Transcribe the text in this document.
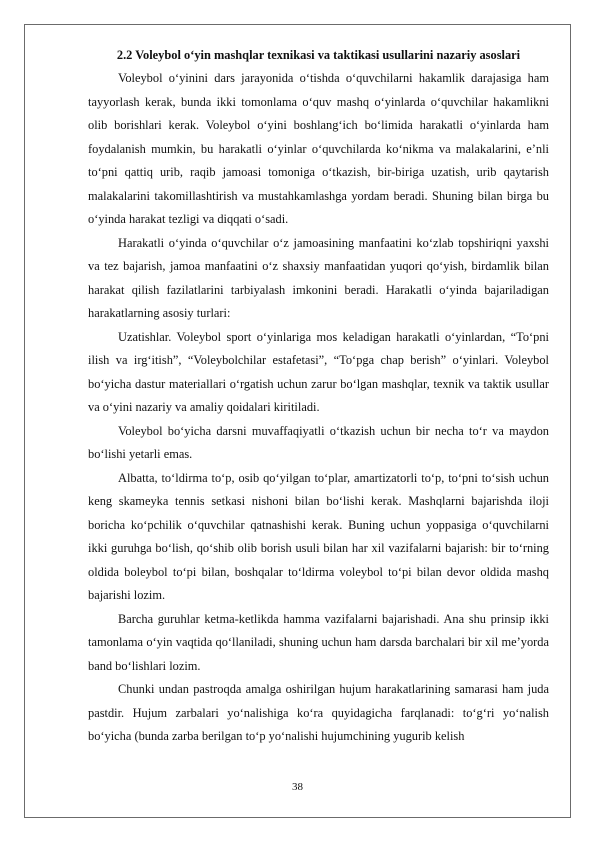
2.2 Voleybol o‘yin mashqlar texnikasi va taktikasi usullarini nazariy asoslari

Voleybol o‘yinini dars jarayonida o‘tishda o‘quvchilarni hakamlik darajasiga ham tayyorlash kerak, bunda ikki tomonlama o‘quv mashq o‘yinlarda o‘quvchilar hakamlikni olib borishlari kerak. Voleybol o‘yini boshlang‘ich bo‘limida harakatli o‘yinlarda ham foydalanish mumkin, bu harakatli o‘yinlar o‘quvchilarda ko‘nikma va malakalarini, e’nli to‘pni qattiq urib, raqib jamoasi tomoniga o‘tkazish, bir-biriga uzatish, urib qaytarish malakalarini takomillashtirish va mustahkamlashga yordam beradi. Shuning bilan birga bu o‘yinda harakat tezligi va diqqati o‘sadi.

Harakatli o‘yinda o‘quvchilar o‘z jamoasining manfaatini ko‘zlab topshiriqni yaxshi va tez bajarish, jamoa manfaatini o‘z shaxsiy manfaatidan yuqori qo‘yish, birdamlik bilan harakat qilish fazilatlarini tarbiyalash imkonini beradi. Harakatli o‘yinda bajariladigan harakatlarning asosiy turlari:

Uzatishlar. Voleybol sport o‘yinlariga mos keladigan harakatli o‘yinlardan, “To‘pni ilish va irg‘itish”, “Voleybolchilar estafetasi”, “To‘pga chap berish” o‘yinlari. Voleybol bo‘yicha dastur materiallari o‘rgatish uchun zarur bo‘lgan mashqlar, texnik va taktik usullar va o‘yini nazariy va amaliy qoidalari kiritiladi.

Voleybol bo‘yicha darsni muvaffaqiyatli o‘tkazish uchun bir necha to‘r va maydon bo‘lishi yetarli emas.

Albatta, to‘ldirma to‘p, osib qo‘yilgan to‘plar, amartizatorli to‘p, to‘pni to‘sish uchun keng skameyka tennis setkasi nishoni bilan bo‘lishi kerak. Mashqlarni bajarishda iloji boricha ko‘pchilik o‘quvchilar qatnashishi kerak. Buning uchun yoppasiga o‘quvchilarni ikki guruhga bo‘lish, qo‘shib olib borish usuli bilan har xil vazifalarni bajarish: bir to‘rning oldida boleybol to‘pi bilan, boshqalar to‘ldirma voleybol to‘pi bilan devor oldida mashq bajarishi lozim.

Barcha guruhlar ketma-ketlikda hamma vazifalarni bajarishadi. Ana shu prinsip ikki tamonlama o‘yin vaqtida qo‘llaniladi, shuning uchun ham darsda barchalari bir xil me’yorda band bo‘lishlari lozim.

Chunki undan pastroqda amalga oshirilgan hujum harakatlarining samarasi ham juda pastdir. Hujum zarbalari yo‘nalishiga ko‘ra quyidagicha farqlanadi: to‘g‘ri yo‘nalish bo‘yicha (bunda zarba berilgan to‘p yo‘nalishi hujumchining yugurib kelish

38
